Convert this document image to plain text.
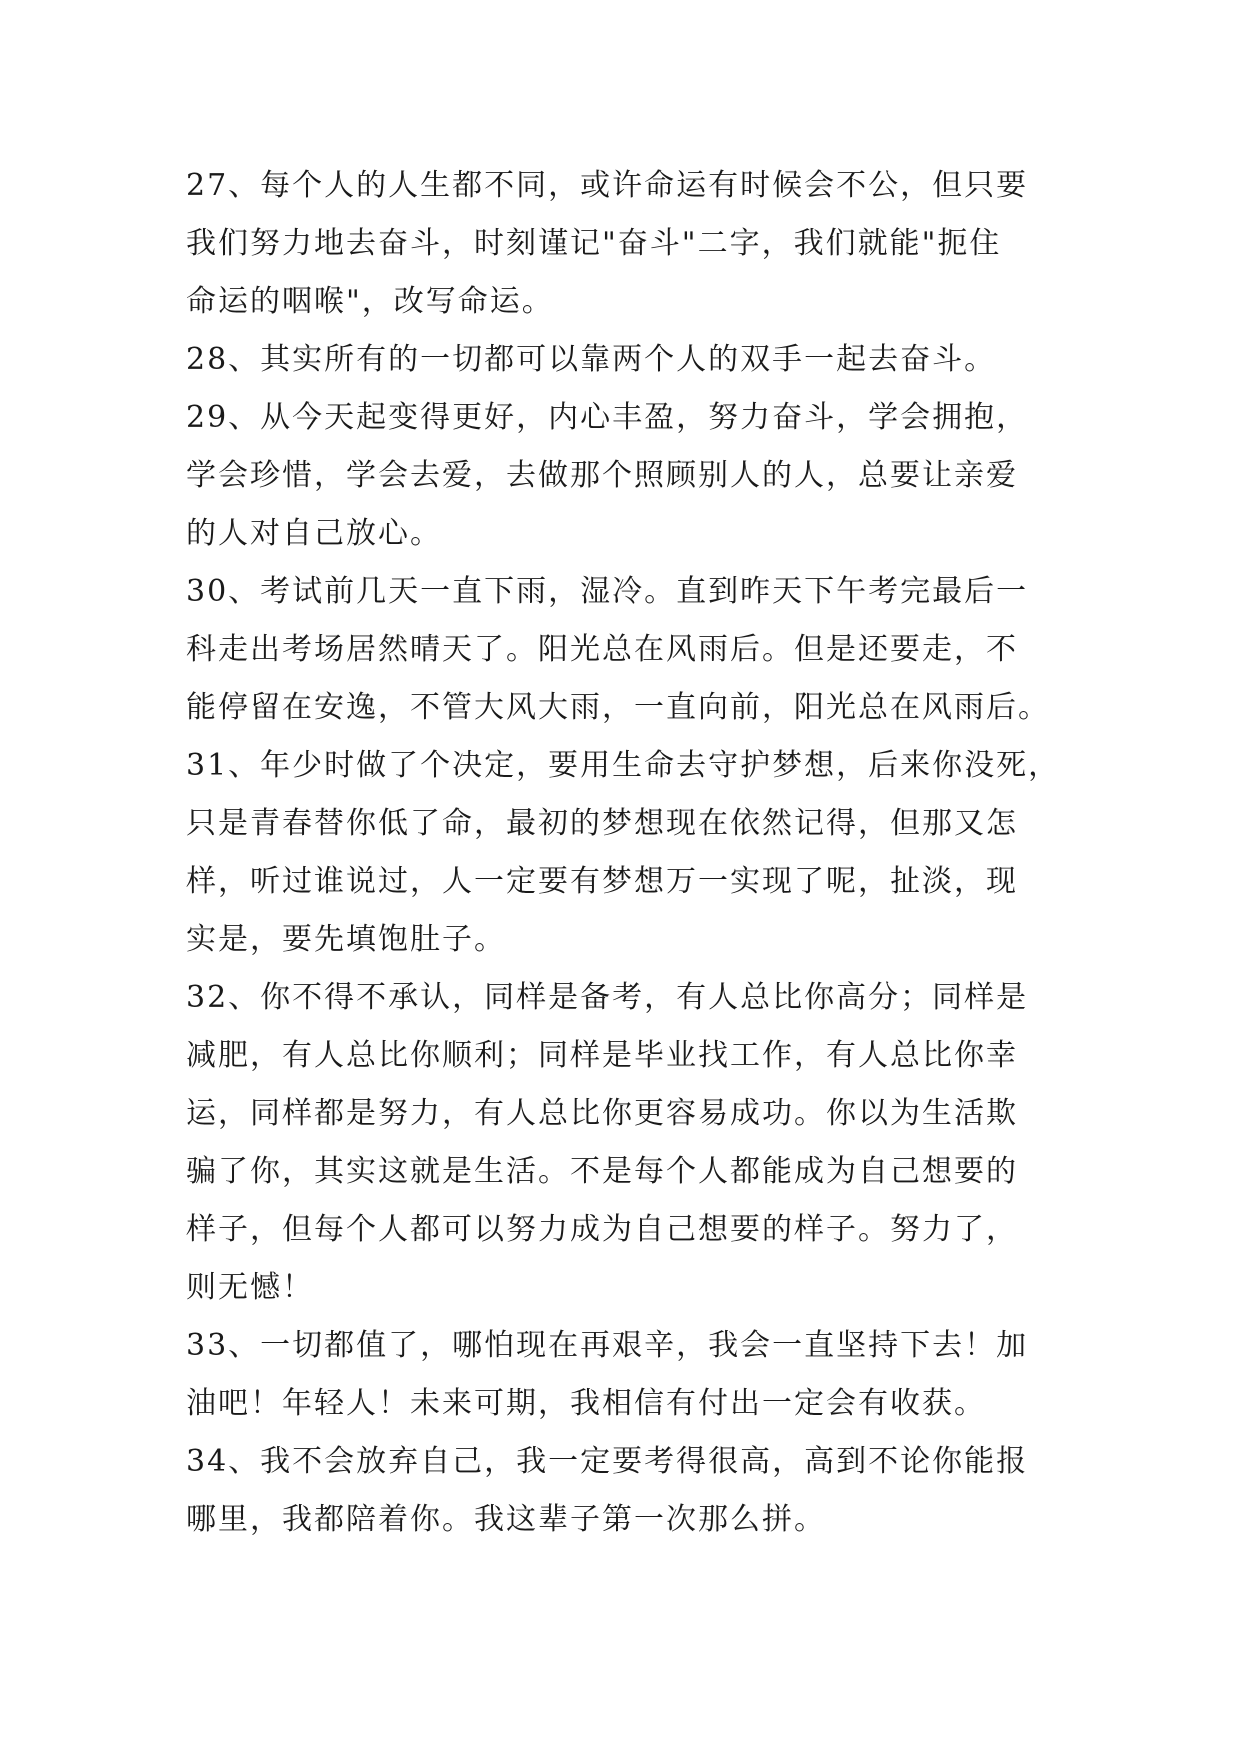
27、每个人的人生都不同，或许命运有时候会不公，但只要
我们努力地去奋斗，时刻谨记"奋斗"二字，我们就能"扼住
命运的咽喉"，改写命运。
28、其实所有的一切都可以靠两个人的双手一起去奋斗。
29、从今天起变得更好，内心丰盈，努力奋斗，学会拥抱，
学会珍惜，学会去爱，去做那个照顾别人的人，总要让亲爱
的人对自己放心。
30、考试前几天一直下雨，湿冷。直到昨天下午考完最后一
科走出考场居然晴天了。阳光总在风雨后。但是还要走，不
能停留在安逸，不管大风大雨，一直向前，阳光总在风雨后。
31、年少时做了个决定，要用生命去守护梦想，后来你没死，
只是青春替你低了命，最初的梦想现在依然记得，但那又怎
样，听过谁说过，人一定要有梦想万一实现了呢，扯淡，现
实是，要先填饱肚子。
32、你不得不承认，同样是备考，有人总比你高分；同样是
减肥，有人总比你顺利；同样是毕业找工作，有人总比你幸
运，同样都是努力，有人总比你更容易成功。你以为生活欺
骗了你，其实这就是生活。不是每个人都能成为自己想要的
样子，但每个人都可以努力成为自己想要的样子。努力了，
则无憾！
33、一切都值了，哪怕现在再艰辛，我会一直坚持下去！加
油吧！年轻人！未来可期，我相信有付出一定会有收获。
34、我不会放弃自己，我一定要考得很高，高到不论你能报
哪里，我都陪着你。我这辈子第一次那么拼。
